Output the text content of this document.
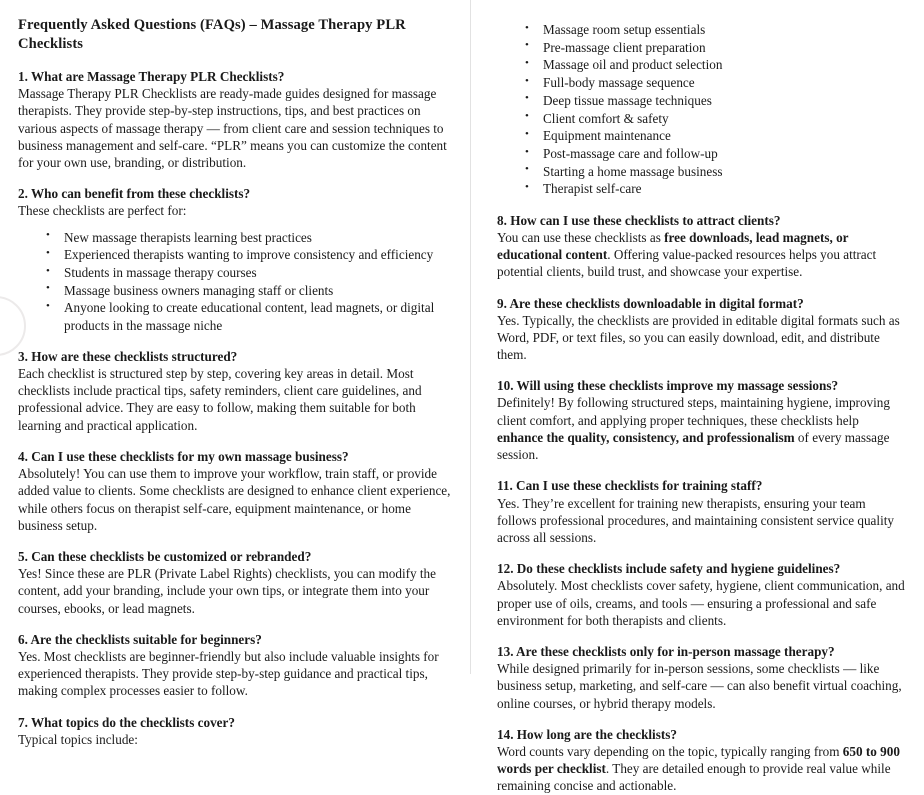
Frequently Asked Questions (FAQs) – Massage Therapy PLR Checklists

1. What are Massage Therapy PLR Checklists?

Massage Therapy PLR Checklists are ready-made guides designed for massage therapists. They provide step-by-step instructions, tips, and best practices on various aspects of massage therapy — from client care and session techniques to business management and self-care. “PLR” means you can customize the content for your own use, branding, or distribution.

2. Who can benefit from these checklists?

These checklists are perfect for:

• New massage therapists learning best practices
• Experienced therapists wanting to improve consistency and efficiency
• Students in massage therapy courses
• Massage business owners managing staff or clients
• Anyone looking to create educational content, lead magnets, or digital products in the massage niche

3. How are these checklists structured?

Each checklist is structured step by step, covering key areas in detail. Most checklists include practical tips, safety reminders, client care guidelines, and professional advice. They are easy to follow, making them suitable for both learning and practical application.

4. Can I use these checklists for my own massage business?

Absolutely! You can use them to improve your workflow, train staff, or provide added value to clients. Some checklists are designed to enhance client experience, while others focus on therapist self-care, equipment maintenance, or home business setup.

5. Can these checklists be customized or rebranded?

Yes! Since these are PLR (Private Label Rights) checklists, you can modify the content, add your branding, include your own tips, or integrate them into your courses, ebooks, or lead magnets.

6. Are the checklists suitable for beginners?

Yes. Most checklists are beginner-friendly but also include valuable insights for experienced therapists. They provide step-by-step guidance and practical tips, making complex processes easier to follow.

7. What topics do the checklists cover?

Typical topics include:

• Massage room setup essentials
• Pre-massage client preparation
• Massage oil and product selection
• Full-body massage sequence
• Deep tissue massage techniques
• Client comfort & safety
• Equipment maintenance
• Post-massage care and follow-up
• Starting a home massage business
• Therapist self-care

8. How can I use these checklists to attract clients?

You can use these checklists as free downloads, lead magnets, or educational content. Offering value-packed resources helps you attract potential clients, build trust, and showcase your expertise.

9. Are these checklists downloadable in digital format?

Yes. Typically, the checklists are provided in editable digital formats such as Word, PDF, or text files, so you can easily download, edit, and distribute them.

10. Will using these checklists improve my massage sessions?

Definitely! By following structured steps, maintaining hygiene, improving client comfort, and applying proper techniques, these checklists help enhance the quality, consistency, and professionalism of every massage session.

11. Can I use these checklists for training staff?

Yes. They’re excellent for training new therapists, ensuring your team follows professional procedures, and maintaining consistent service quality across all sessions.

12. Do these checklists include safety and hygiene guidelines?

Absolutely. Most checklists cover safety, hygiene, client communication, and proper use of oils, creams, and tools — ensuring a professional and safe environment for both therapists and clients.

13. Are these checklists only for in-person massage therapy?

While designed primarily for in-person sessions, some checklists — like business setup, marketing, and self-care — can also benefit virtual coaching, online courses, or hybrid therapy models.

14. How long are the checklists?

Word counts vary depending on the topic, typically ranging from 650 to 900 words per checklist. They are detailed enough to provide real value while remaining concise and actionable.
